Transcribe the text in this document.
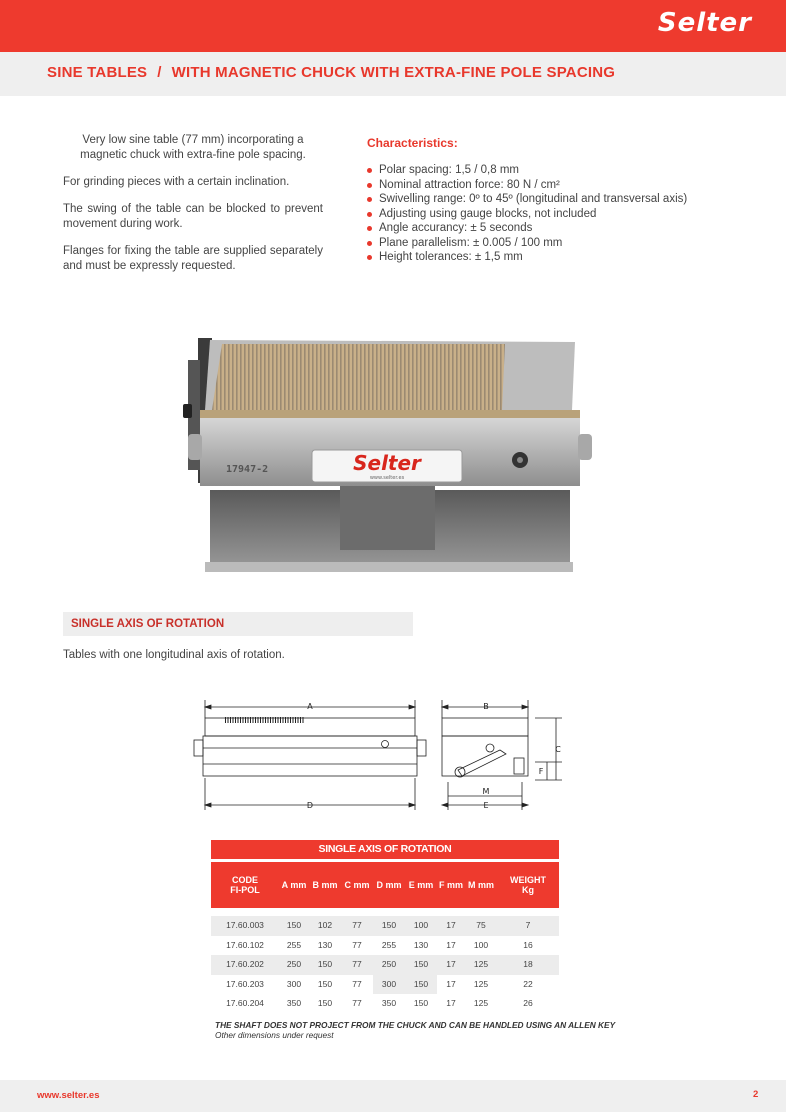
Selter
SINE TABLES / WITH MAGNETIC CHUCK WITH EXTRA-FINE POLE SPACING

Very low sine table (77 mm) incorporating a magnetic chuck with extra-fine pole spacing.

For grinding pieces with a certain inclination.

The swing of the table can be blocked to prevent movement during work.

Flanges for fixing the table are supplied separately and must be expressly requested.

Characteristics:
Polar spacing: 1,5 / 0,8 mm
Nominal attraction force: 80 N / cm²
Swivelling range: 0º to 45º (longitudinal and transversal axis)
Adjusting using gauge blocks, not included
Angle accurancy: ± 5 seconds
Plane parallelism: ± 0.005 / 100 mm
Height tolerances: ± 1,5 mm
17947-2	Selter
www.selter.es
SINGLE AXIS OF ROTATION
Tables with one longitudinal axis of rotation.
A	B
C
D	E
F
M
SINGLE AXIS OF ROTATION
CODE
FI-POL A mm B mm C mm D mm E mm F mm M mm WEIGHT
Kg
17.60.003	150	102	77	150	100	17	75	7
17.60.102	255	130	77	255	130	17	100	16
17.60.202	250	150	77	250	150	17	125	18
17.60.203	300	150	77	300	150	17	125	22
17.60.204	350	150	77	350	150	17	125	26
THE SHAFT DOES NOT PROJECT FROM THE CHUCK AND CAN BE HANDLED USING AN ALLEN KEY
Other dimensions under request
www.selter.es	2
